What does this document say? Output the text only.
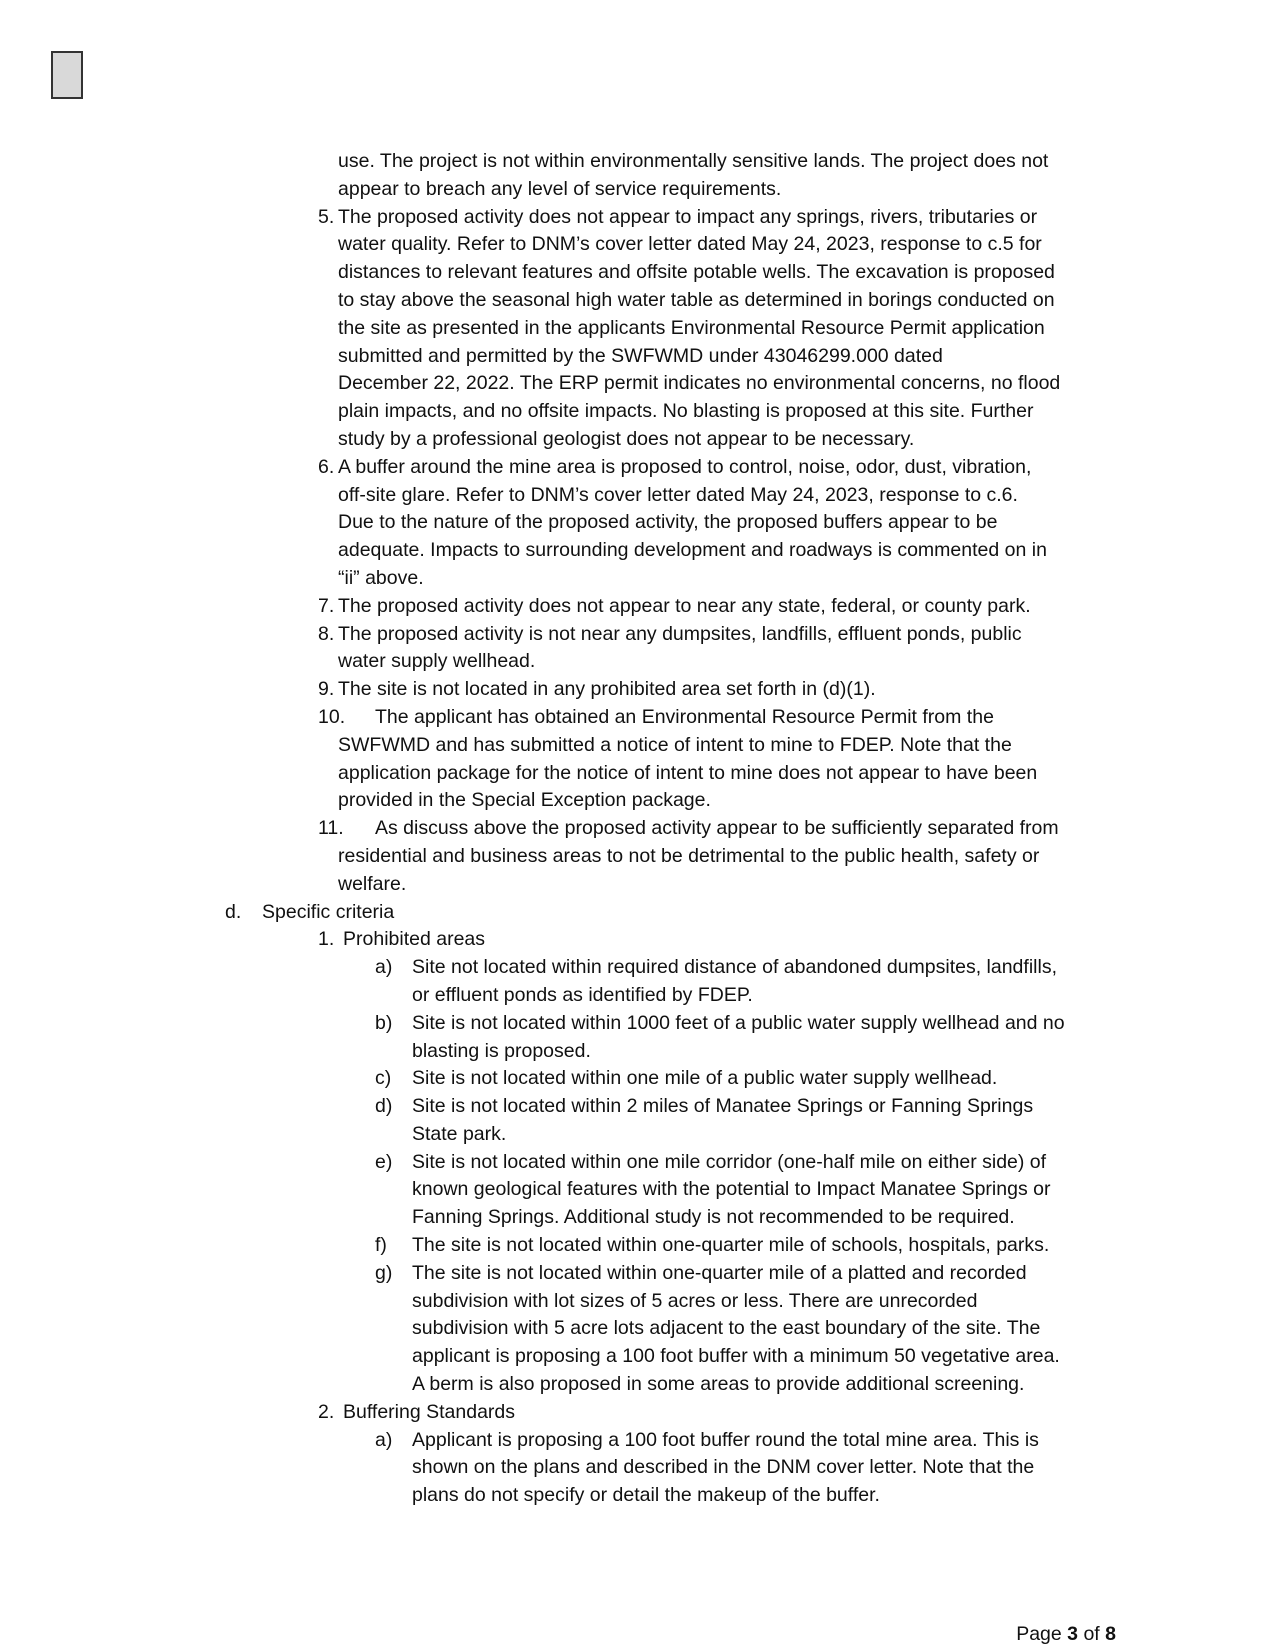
use. The project is not within environmentally sensitive lands. The project does not
appear to breach any level of service requirements.
5. The proposed activity does not appear to impact any springs, rivers, tributaries or
water quality. Refer to DNM’s cover letter dated May 24, 2023, response to c.5 for
distances to relevant features and offsite potable wells. The excavation is proposed
to stay above the seasonal high water table as determined in borings conducted on
the site as presented in the applicants Environmental Resource Permit application
submitted and permitted by the SWFWMD under 43046299.000 dated
December 22, 2022. The ERP permit indicates no environmental concerns, no flood
plain impacts, and no offsite impacts. No blasting is proposed at this site. Further
study by a professional geologist does not appear to be necessary.
6. A buffer around the mine area is proposed to control, noise, odor, dust, vibration,
off-site glare. Refer to DNM’s cover letter dated May 24, 2023, response to c.6.
Due to the nature of the proposed activity, the proposed buffers appear to be
adequate. Impacts to surrounding development and roadways is commented on in
“ii” above.
7. The proposed activity does not appear to near any state, federal, or county park.
8. The proposed activity is not near any dumpsites, landfills, effluent ponds, public
water supply wellhead.
9. The site is not located in any prohibited area set forth in (d)(1).
10. The applicant has obtained an Environmental Resource Permit from the
SWFWMD and has submitted a notice of intent to mine to FDEP. Note that the
application package for the notice of intent to mine does not appear to have been
provided in the Special Exception package.
11. As discuss above the proposed activity appear to be sufficiently separated from
residential and business areas to not be detrimental to the public health, safety or
welfare.
d. Specific criteria
1. Prohibited areas
a) Site not located within required distance of abandoned dumpsites, landfills,
or effluent ponds as identified by FDEP.
b) Site is not located within 1000 feet of a public water supply wellhead and no
blasting is proposed.
c) Site is not located within one mile of a public water supply wellhead.
d) Site is not located within 2 miles of Manatee Springs or Fanning Springs
State park.
e) Site is not located within one mile corridor (one-half mile on either side) of
known geological features with the potential to Impact Manatee Springs or
Fanning Springs. Additional study is not recommended to be required.
f) The site is not located within one-quarter mile of schools, hospitals, parks.
g) The site is not located within one-quarter mile of a platted and recorded
subdivision with lot sizes of 5 acres or less. There are unrecorded
subdivision with 5 acre lots adjacent to the east boundary of the site. The
applicant is proposing a 100 foot buffer with a minimum 50 vegetative area.
A berm is also proposed in some areas to provide additional screening.
2. Buffering Standards
a) Applicant is proposing a 100 foot buffer round the total mine area. This is
shown on the plans and described in the DNM cover letter. Note that the
plans do not specify or detail the makeup of the buffer.
Page 3 of 8
